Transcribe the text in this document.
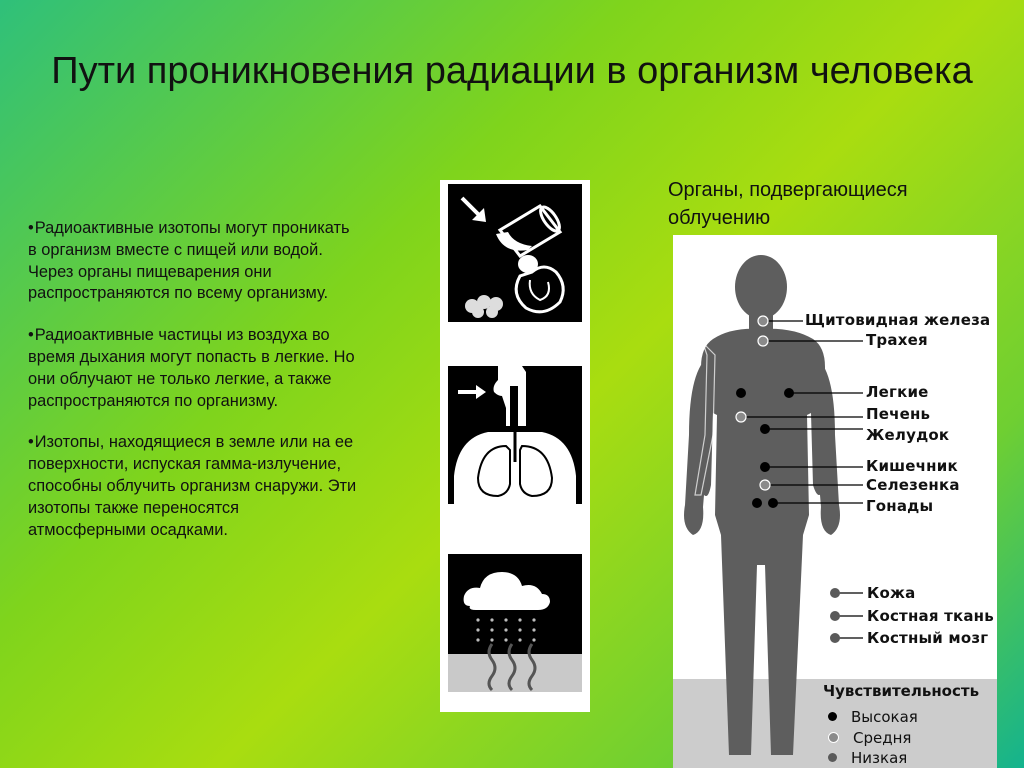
Пути проникновения радиации в организм человека

•Радиоактивные изотопы могут проникать в организм вместе с пищей или водой. Через органы пищеварения они распространяются по всему организму.

•Радиоактивные частицы из воздуха во время дыхания могут попасть в легкие. Но они облучают не только легкие, а также распространяются по организму.

•Изотопы, находящиеся в земле или на ее поверхности, испуская гамма-излучение, способны облучить организм снаружи. Эти изотопы также переносятся атмосферными осадками.

Органы, подвергающиеся облучению
Щитовидная железа
Трахея
Легкие
Печень
Желудок
Кишечник
Селезенка
Гонады
Кожа
Костная ткань
Костный мозг
Чувствительность
Высокая
Средня
Низкая
